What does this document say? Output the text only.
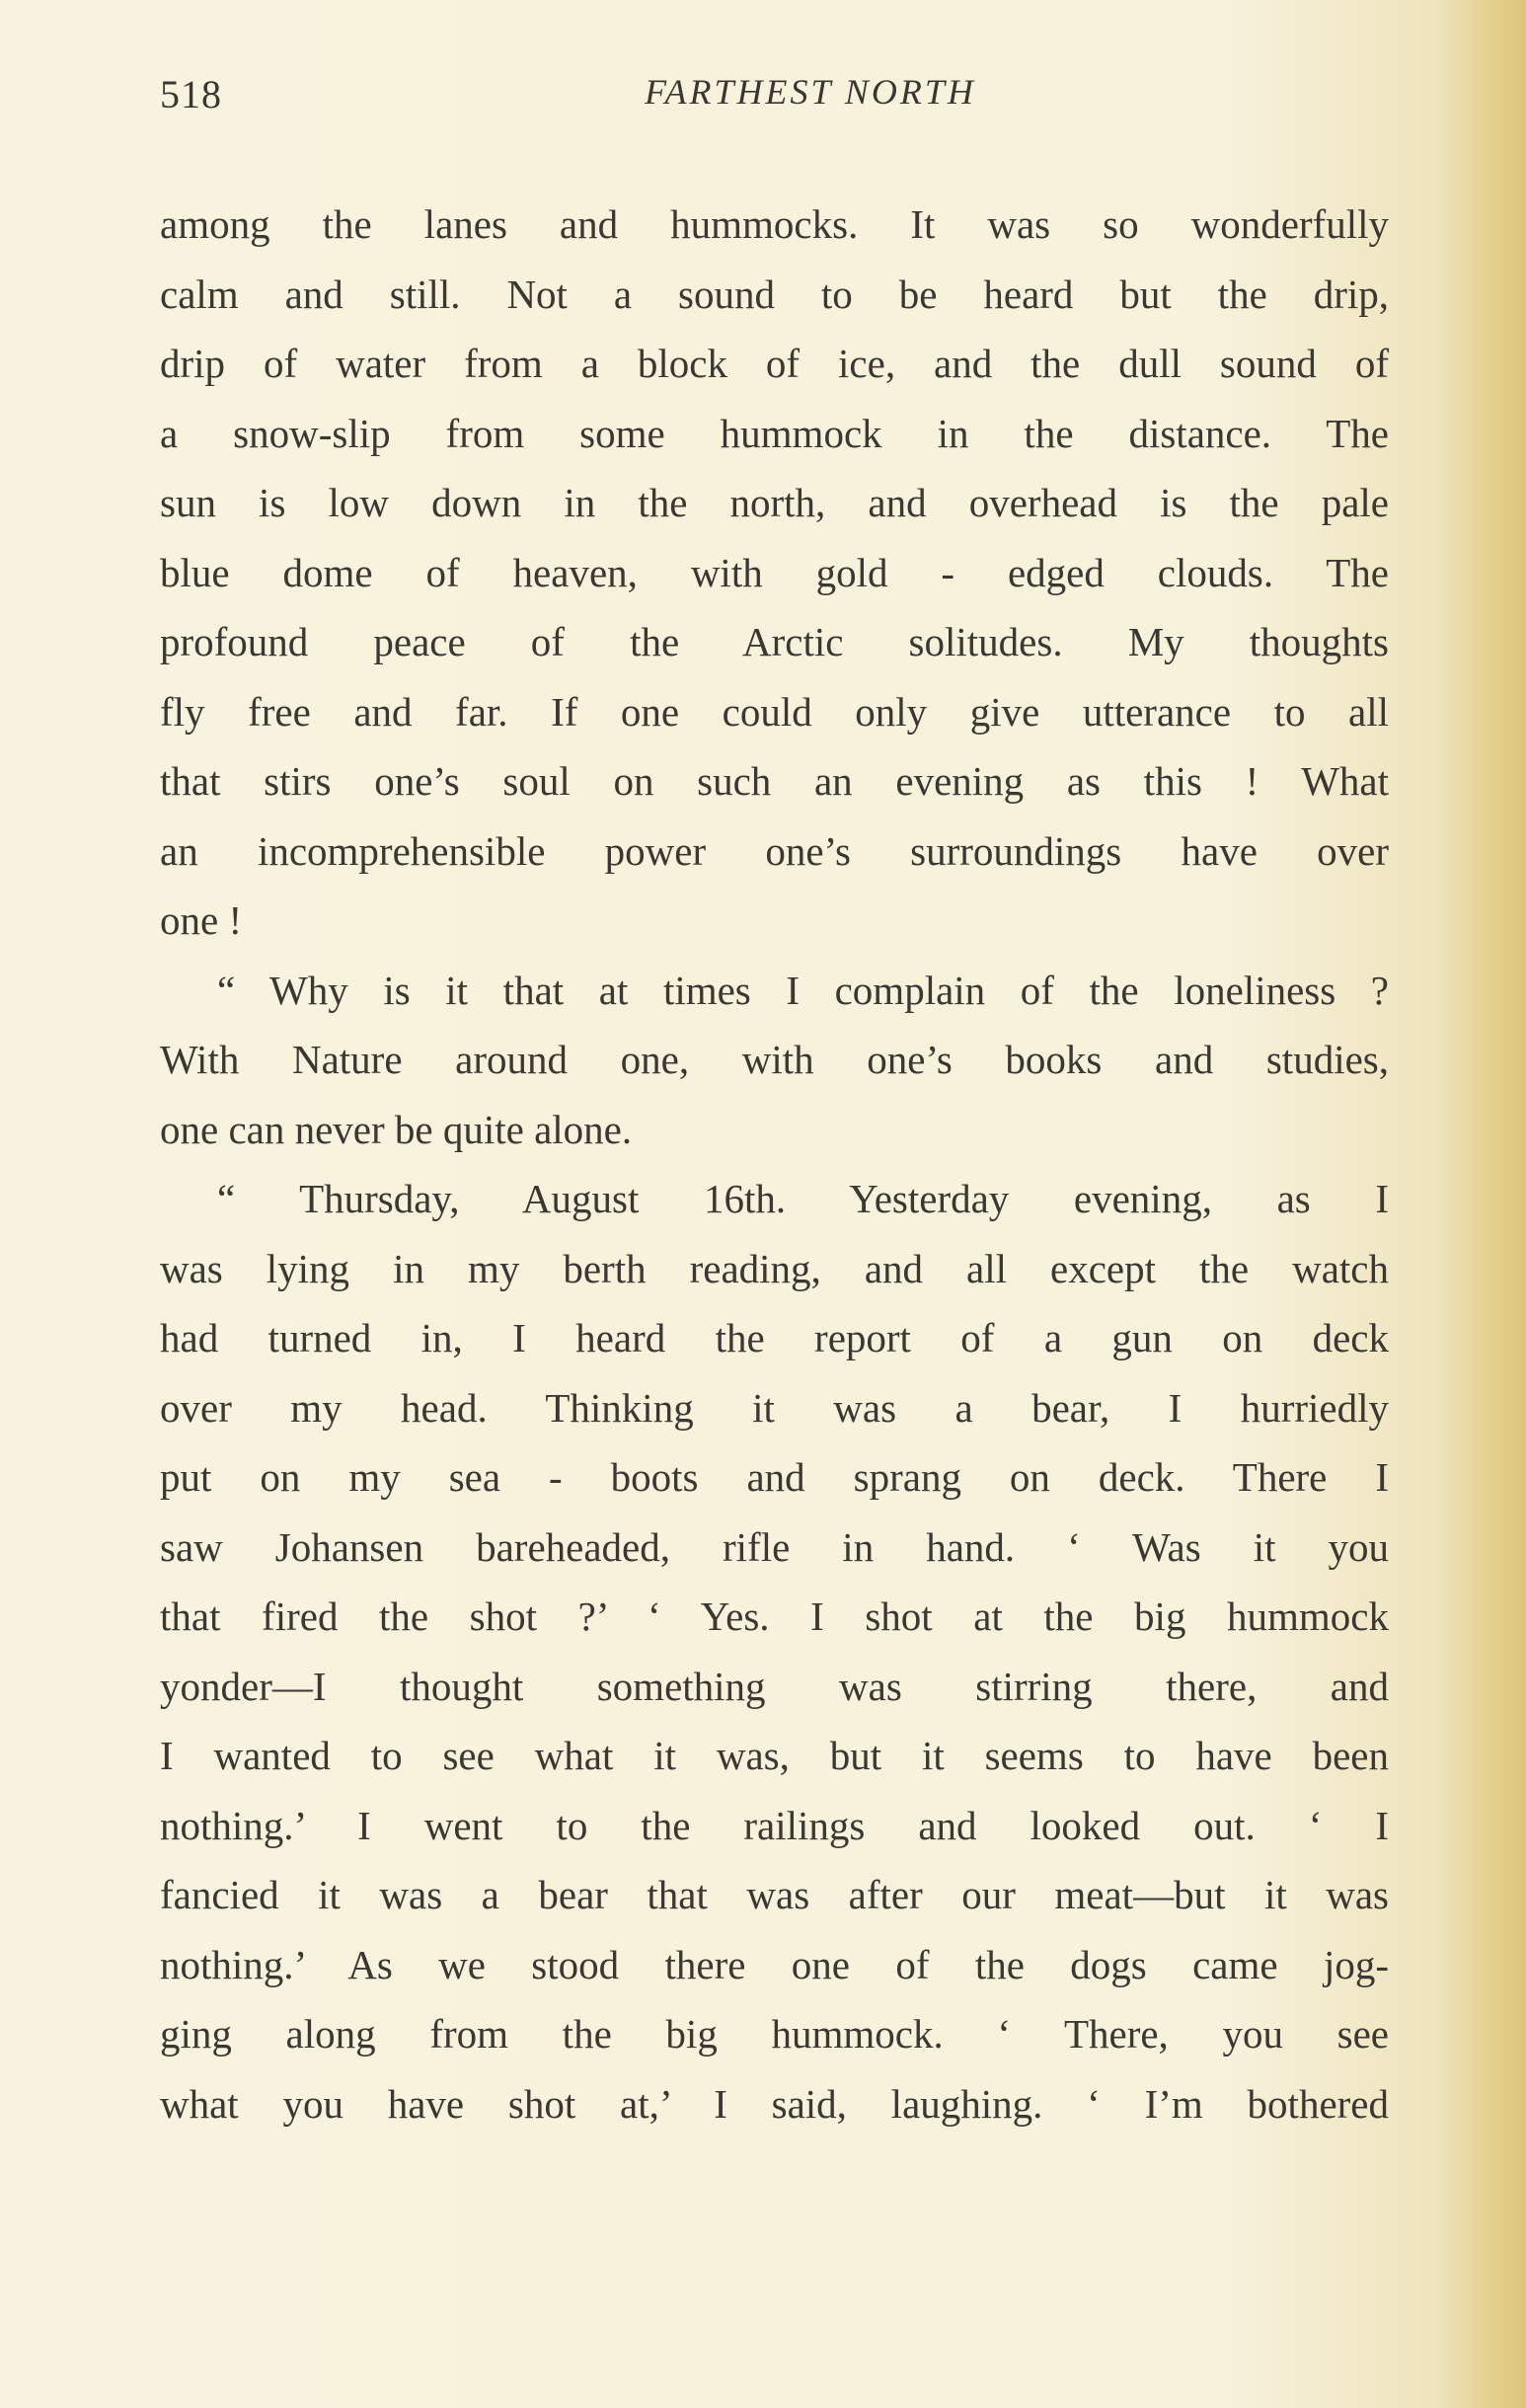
518	FARTHEST NORTH
among the lanes and hummocks. It was so wonderfully
calm and still. Not a sound to be heard but the drip,
drip of water from a block of ice, and the dull sound of
a snow-slip from some hummock in the distance. The
sun is low down in the north, and overhead is the pale
blue dome of heaven, with gold - edged clouds. The
profound peace of the Arctic solitudes. My thoughts
fly free and far. If one could only give utterance to all
that stirs one’s soul on such an evening as this ! What
an incomprehensible power one’s surroundings have over
one !
“ Why is it that at times I complain of the loneliness ?
With Nature around one, with one’s books and studies,
one can never be quite alone.
“ Thursday, August 16th. Yesterday evening, as I
was lying in my berth reading, and all except the watch
had turned in, I heard the report of a gun on deck
over my head. Thinking it was a bear, I hurriedly
put on my sea - boots and sprang on deck. There I
saw Johansen bareheaded, rifle in hand. ‘ Was it you
that fired the shot ?’ ‘ Yes. I shot at the big hummock
yonder—I thought something was stirring there, and
I wanted to see what it was, but it seems to have been
nothing.’ I went to the railings and looked out. ‘ I
fancied it was a bear that was after our meat—but it was
nothing.’ As we stood there one of the dogs came jog-
ging along from the big hummock. ‘ There, you see
what you have shot at,’ I said, laughing. ‘ I’m bothered
